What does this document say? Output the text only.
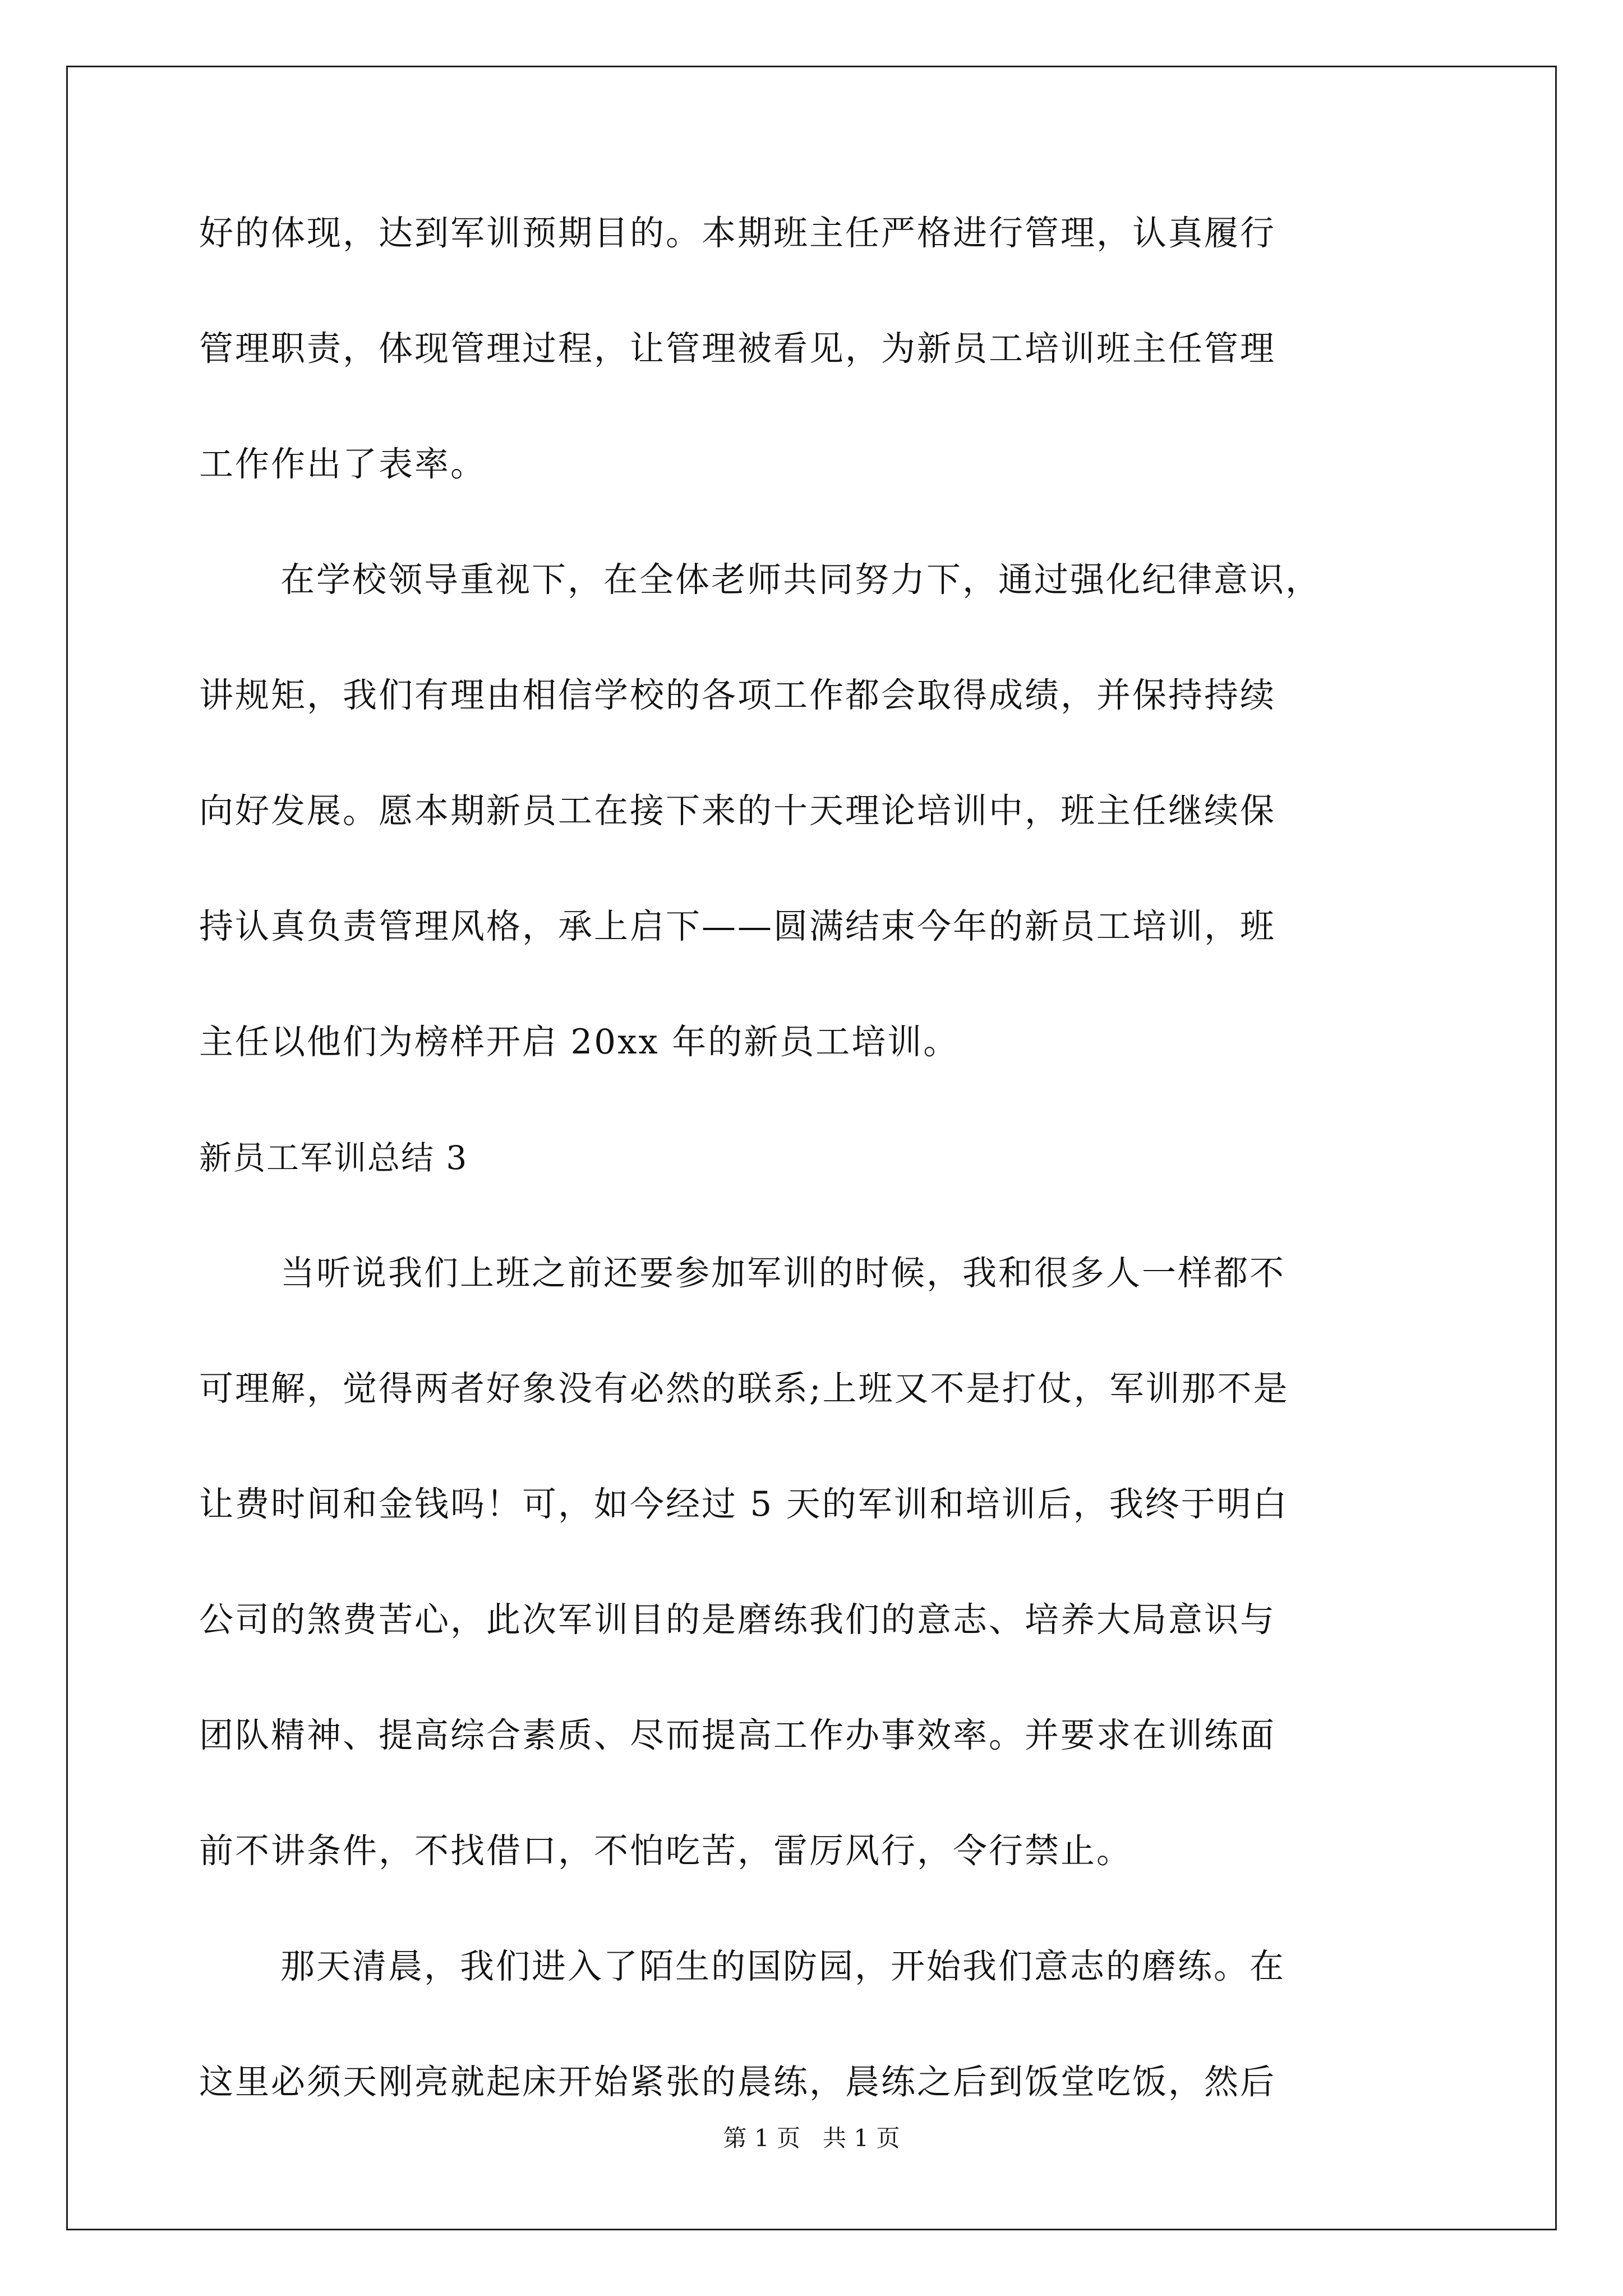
好的体现，达到军训预期目的。本期班主任严格进行管理，认真履行
管理职责，体现管理过程，让管理被看见，为新员工培训班主任管理
工作作出了表率。
在学校领导重视下，在全体老师共同努力下，通过强化纪律意识，
讲规矩，我们有理由相信学校的各项工作都会取得成绩，并保持持续
向好发展。愿本期新员工在接下来的十天理论培训中，班主任继续保
持认真负责管理风格，承上启下——圆满结束今年的新员工培训，班
主任以他们为榜样开启 20xx 年的新员工培训。
新员工军训总结 3
当听说我们上班之前还要参加军训的时候，我和很多人一样都不
可理解，觉得两者好象没有必然的联系;上班又不是打仗，军训那不是
让费时间和金钱吗！可，如今经过 5 天的军训和培训后，我终于明白
公司的煞费苦心，此次军训目的是磨练我们的意志、培养大局意识与
团队精神、提高综合素质、尽而提高工作办事效率。并要求在训练面
前不讲条件，不找借口，不怕吃苦，雷厉风行，令行禁止。
那天清晨，我们进入了陌生的国防园，开始我们意志的磨练。在
第 1 页   共 1 页
这里必须天刚亮就起床开始紧张的晨练，晨练之后到饭堂吃饭，然后
